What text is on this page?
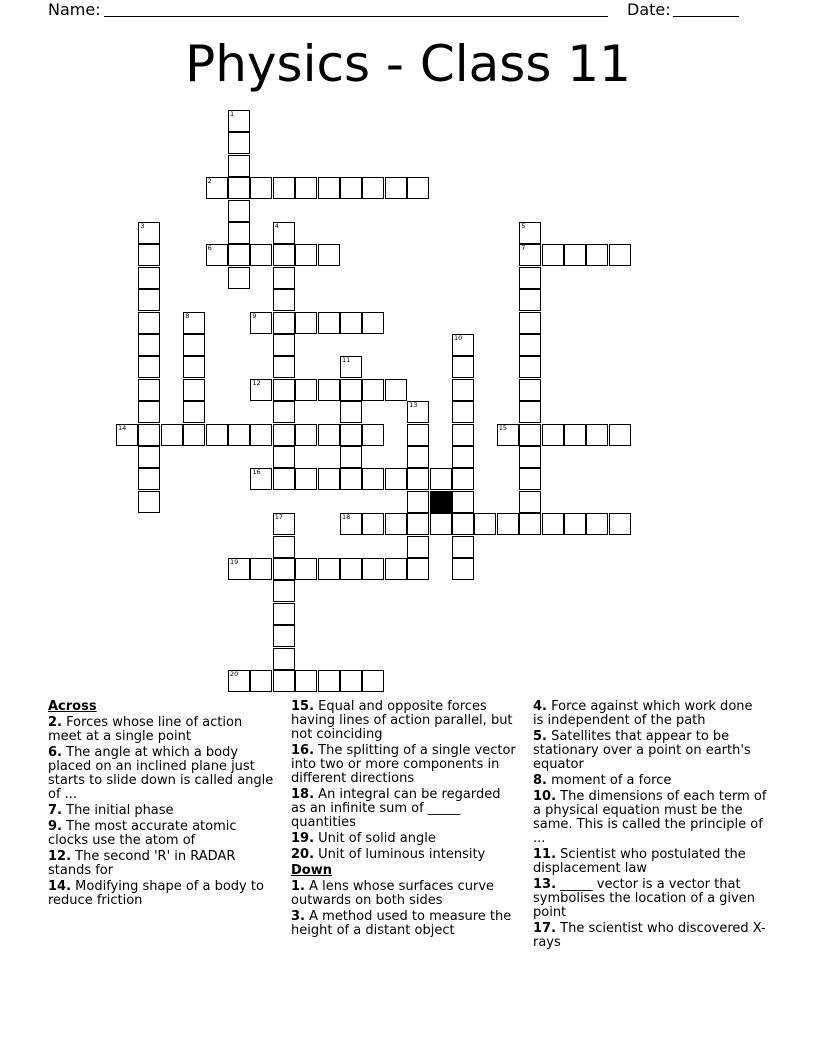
Name:	Date:
Physics - Class 11
1
2
3	4	5
7
6
8	9
10
11
12
13
14	15
16
17	18
19
20
Across
2. Forces whose line of action meet at a single point
6. The angle at which a body placed on an inclined plane just starts to slide down is called angle of ...
7. The initial phase
9. The most accurate atomic clocks use the atom of
12. The second 'R' in RADAR stands for
14. Modifying shape of a body to reduce friction
15. Equal and opposite forces having lines of action parallel, but not coinciding
16. The splitting of a single vector into two or more components in different directions
18. An integral can be regarded as an infinite sum of _____ quantities
19. Unit of solid angle
20. Unit of luminous intensity
Down
1. A lens whose surfaces curve outwards on both sides
3. A method used to measure the height of a distant object
4. Force against which work done is independent of the path
5. Satellites that appear to be stationary over a point on earth's equator
8. moment of a force
10. The dimensions of each term of a physical equation must be the same. This is called the principle of ...
11. Scientist who postulated the displacement law
13. _____ vector is a vector that symbolises the location of a given point
17. The scientist who discovered X-rays
